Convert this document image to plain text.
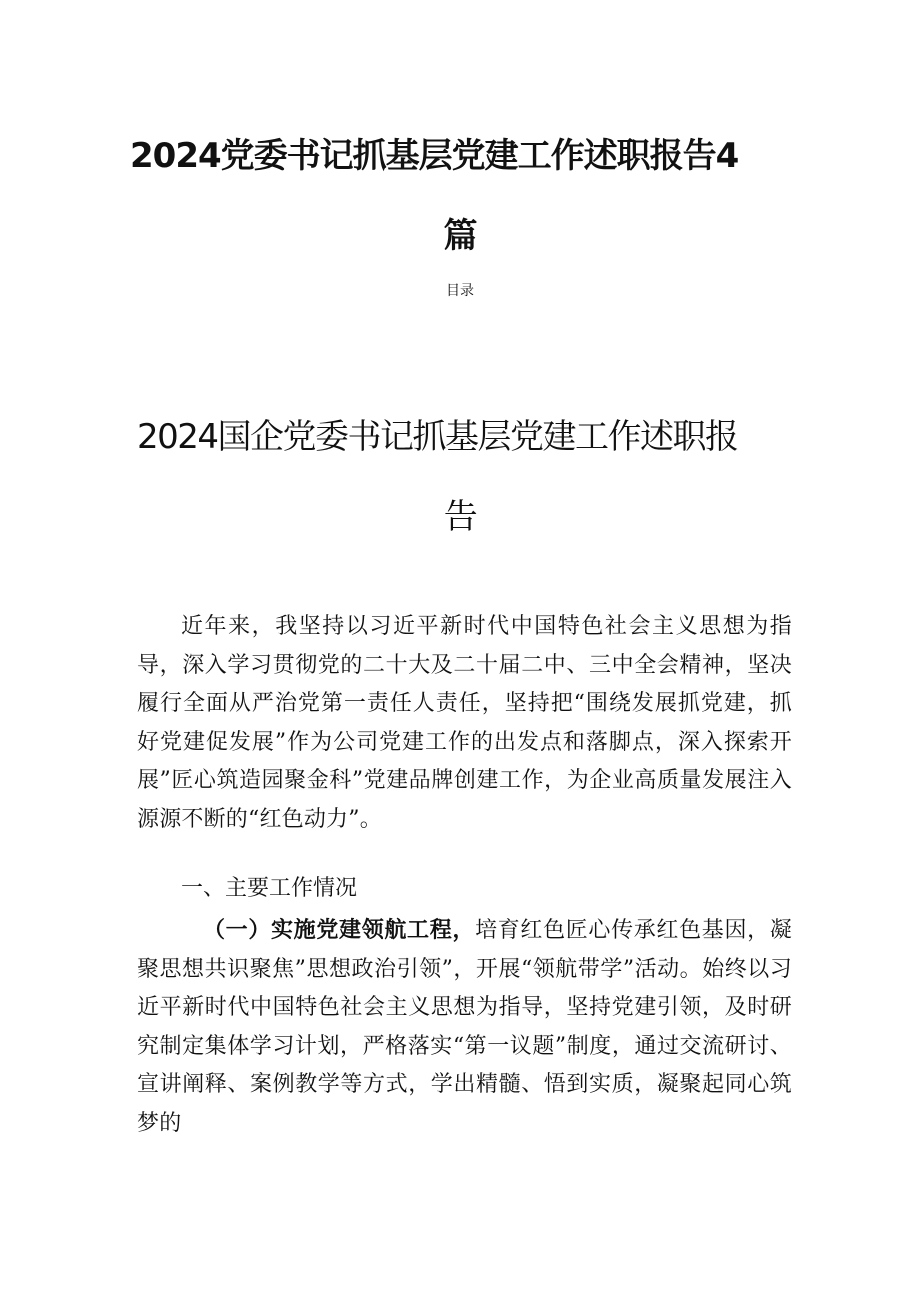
2024党委书记抓基层党建工作述职报告4
篇
目录
2024国企党委书记抓基层党建工作述职报
告
近年来，我坚持以习近平新时代中国特色社会主义思想为指导，深入学习贯彻党的二十大及二十届二中、三中全会精神，坚决履行全面从严治党第一责任人责任，坚持把“围绕发展抓党建，抓好党建促发展”作为公司党建工作的出发点和落脚点，深入探索开展”匠心筑造园聚金科”党建品牌创建工作，为企业高质量发展注入源源不断的“红色动力”。
一、主要工作情况
（一）实施党建领航工程，培育红色匠心传承红色基因，凝聚思想共识聚焦”思想政治引领”，开展“领航带学”活动。始终以习近平新时代中国特色社会主义思想为指导，坚持党建引领，及时研究制定集体学习计划，严格落实“第一议题”制度，通过交流研讨、宣讲阐释、案例教学等方式，学出精髓、悟到实质，凝聚起同心筑梦的
